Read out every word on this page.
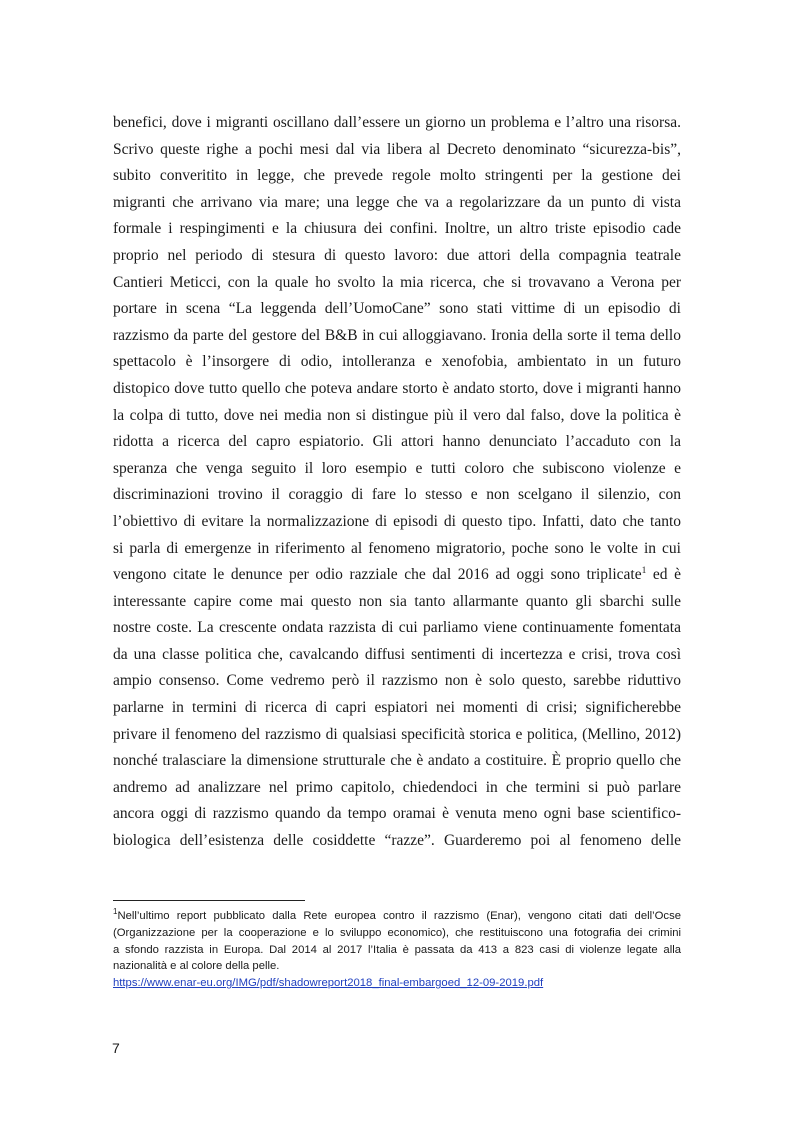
benefici, dove i migranti oscillano dall’essere un giorno un problema e l’altro una risorsa.
Scrivo queste righe a pochi mesi dal via libera al Decreto denominato “sicurezza-bis”,
subito converitito in legge, che prevede regole molto stringenti per la gestione dei
migranti che arrivano via mare; una legge che va a regolarizzare da un punto di vista
formale i respingimenti e la chiusura dei confini. Inoltre, un altro triste episodio cade
proprio nel periodo di stesura di questo lavoro: due attori della compagnia teatrale
Cantieri Meticci, con la quale ho svolto la mia ricerca, che si trovavano a Verona per
portare in scena “La leggenda dell’UomoCane” sono stati vittime di un episodio di
razzismo da parte del gestore del B&B in cui alloggiavano. Ironia della sorte il tema dello
spettacolo è l’insorgere di odio, intolleranza e xenofobia, ambientato in un futuro
distopico dove tutto quello che poteva andare storto è andato storto, dove i migranti hanno
la colpa di tutto, dove nei media non si distingue più il vero dal falso, dove la politica è
ridotta a ricerca del capro espiatorio. Gli attori hanno denunciato l’accaduto con la
speranza che venga seguito il loro esempio e tutti coloro che subiscono violenze e
discriminazioni trovino il coraggio di fare lo stesso e non scelgano il silenzio, con
l’obiettivo di evitare la normalizzazione di episodi di questo tipo. Infatti, dato che tanto
si parla di emergenze in riferimento al fenomeno migratorio, poche sono le volte in cui
vengono citate le denunce per odio razziale che dal 2016 ad oggi sono triplicate$^1$ ed è
interessante capire come mai questo non sia tanto allarmante quanto gli sbarchi sulle
nostre coste. La crescente ondata razzista di cui parliamo viene continuamente fomentata
da una classe politica che, cavalcando diffusi sentimenti di incertezza e crisi, trova così
ampio consenso. Come vedremo però il razzismo non è solo questo, sarebbe riduttivo
parlarne in termini di ricerca di capri espiatori nei momenti di crisi; significherebbe
privare il fenomeno del razzismo di qualsiasi specificità storica e politica, (Mellino, 2012)
nonché tralasciare la dimensione strutturale che è andato a costituire. È proprio quello che
andremo ad analizzare nel primo capitolo, chiedendoci in che termini si può parlare
ancora oggi di razzismo quando da tempo oramai è venuta meno ogni base scientifico-
biologica dell’esistenza delle cosiddette “razze”. Guarderemo poi al fenomeno delle
$^1$Nell’ultimo report pubblicato dalla Rete europea contro il razzismo (Enar), vengono citati dati dell’Ocse
(Organizzazione per la cooperazione e lo sviluppo economico), che restituiscono una fotografia dei crimini
a sfondo razzista in Europa. Dal 2014 al 2017 l’Italia è passata da 413 a 823 casi di violenze legate alla
nazionalità e al colore della pelle.
https://www.enar-eu.org/IMG/pdf/shadowreport2018_final-embargoed_12-09-2019.pdf
7
